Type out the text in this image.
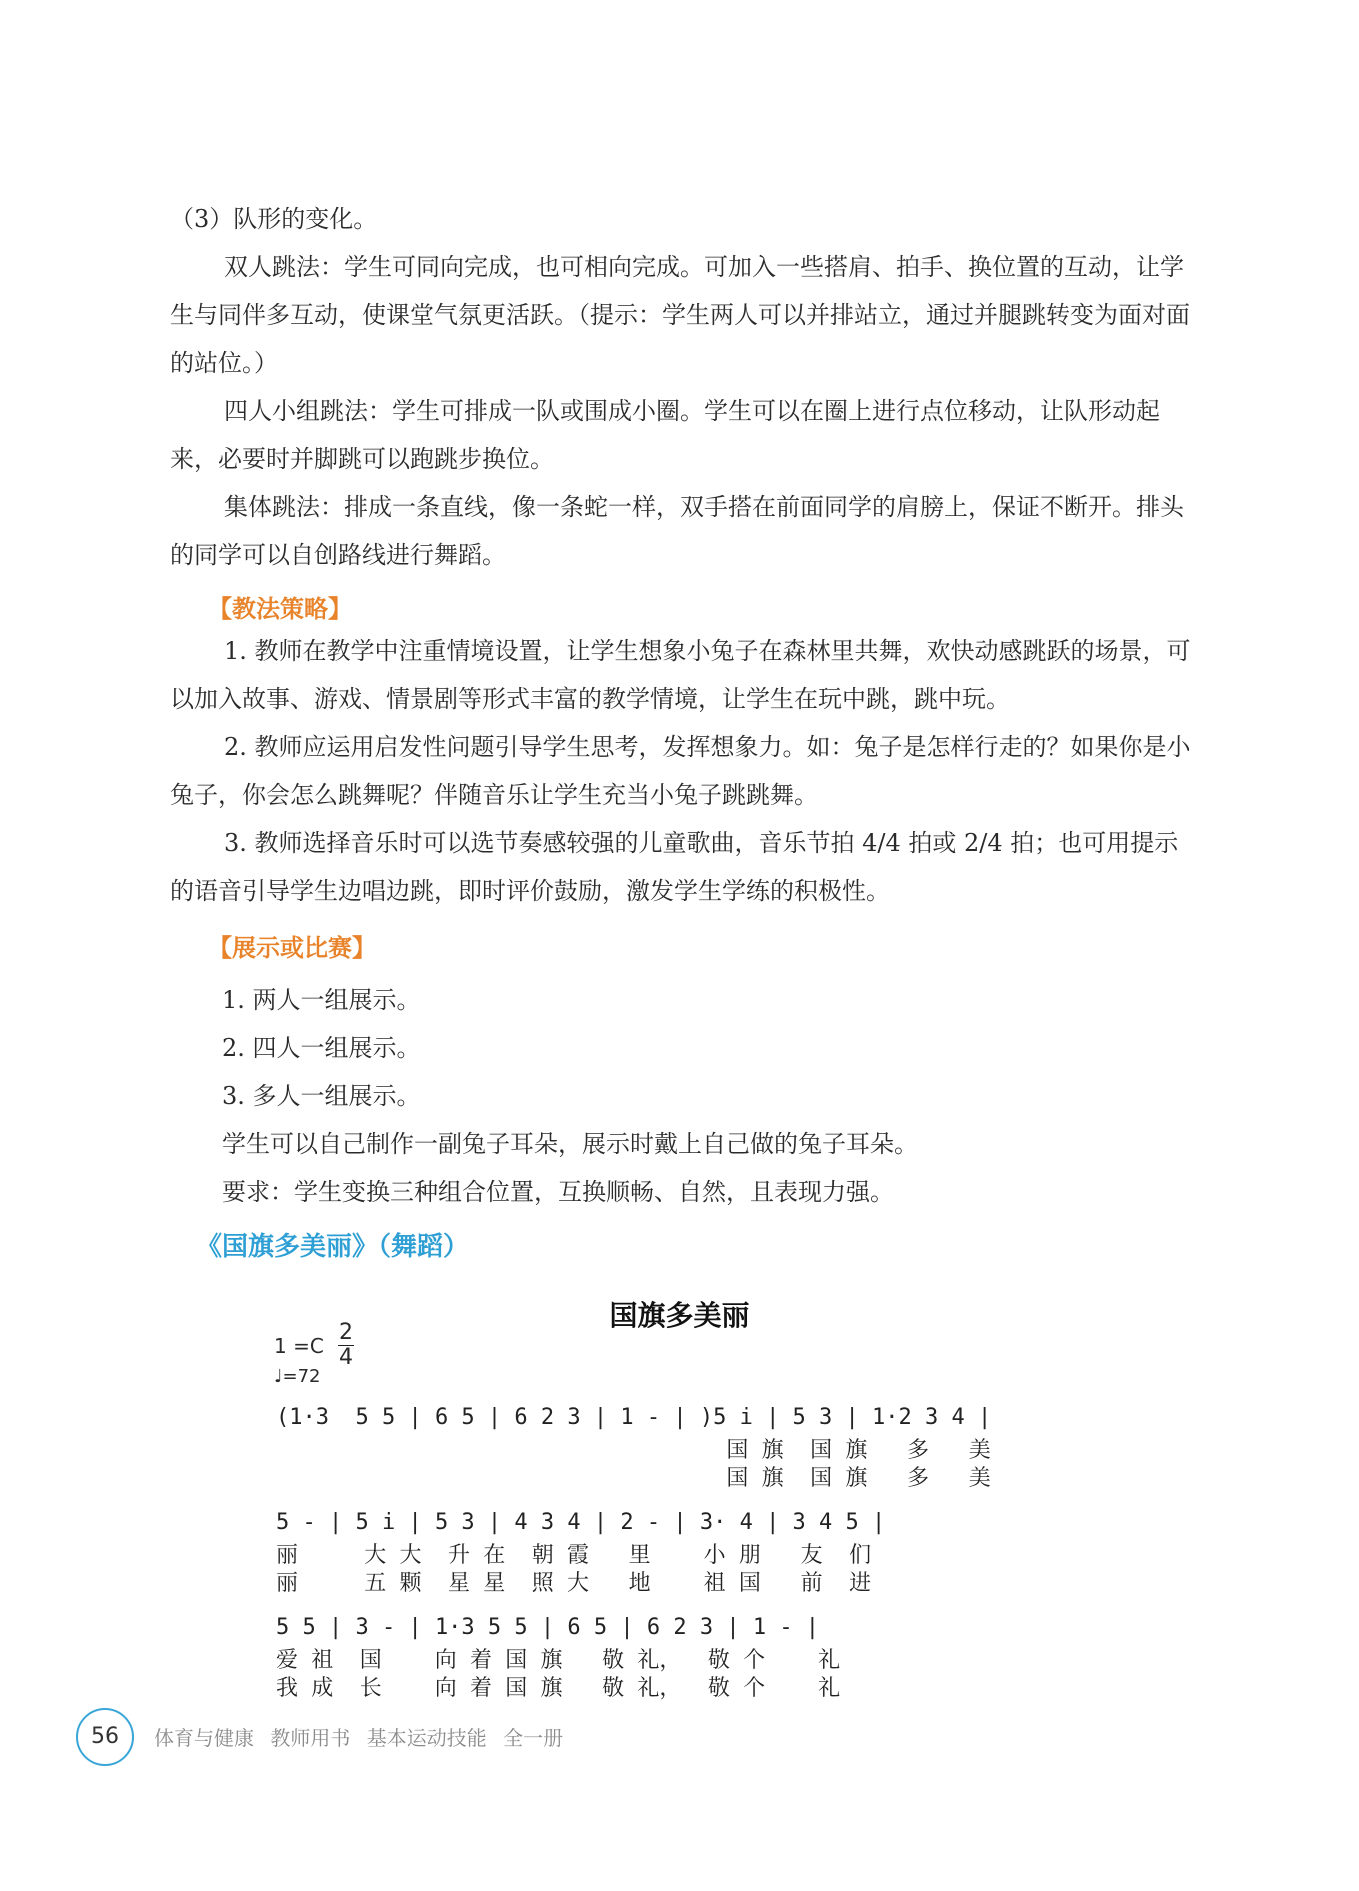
（3）队形的变化。

双人跳法：学生可同向完成，也可相向完成。可加入一些搭肩、拍手、换位置的互动，让学生与同伴多互动，使课堂气氛更活跃。（提示：学生两人可以并排站立，通过并腿跳转变为面对面的站位。）

四人小组跳法：学生可排成一队或围成小圈。学生可以在圈上进行点位移动，让队形动起来，必要时并脚跳可以跑跳步换位。

集体跳法：排成一条直线，像一条蛇一样，双手搭在前面同学的肩膀上，保证不断开。排头的同学可以自创路线进行舞蹈。

【教法策略】

1. 教师在教学中注重情境设置，让学生想象小兔子在森林里共舞，欢快动感跳跃的场景，可以加入故事、游戏、情景剧等形式丰富的教学情境，让学生在玩中跳，跳中玩。

2. 教师应运用启发性问题引导学生思考，发挥想象力。如：兔子是怎样行走的？如果你是小兔子，你会怎么跳舞呢？伴随音乐让学生充当小兔子跳跳舞。

3. 教师选择音乐时可以选节奏感较强的儿童歌曲，音乐节拍 4/4 拍或 2/4 拍；也可用提示的语音引导学生边唱边跳，即时评价鼓励，激发学生学练的积极性。

【展示或比赛】
1. 两人一组展示。
2. 四人一组展示。
3. 多人一组展示。
学生可以自己制作一副兔子耳朵，展示时戴上自己做的兔子耳朵。
要求：学生变换三种组合位置，互换顺畅、自然，且表现力强。
《国旗多美丽》（舞蹈）
国旗多美丽
1 =C
2
4
♩=72
(1·3  5 5 | 6 5 | 6 2 3 | 1 - | )5 i | 5 3 | 1·2 3 4 |
国 旗  国 旗   多   美
国 旗  国 旗   多   美
5 - | 5 i | 5 3 | 4 3 4 | 2 - | 3· 4 | 3 4 5 |
丽     大 大  升 在  朝 霞   里    小 朋   友  们
丽     五 颗  星 星  照 大   地    祖 国   前  进
5 5 | 3 - | 1·3 5 5 | 6 5 | 6 2 3 | 1 - |
爱 祖  国    向 着 国 旗   敬 礼，  敬 个    礼
我 成  长    向 着 国 旗   敬 礼，  敬 个    礼
56	体育与健康 教师用书 基本运动技能 全一册
